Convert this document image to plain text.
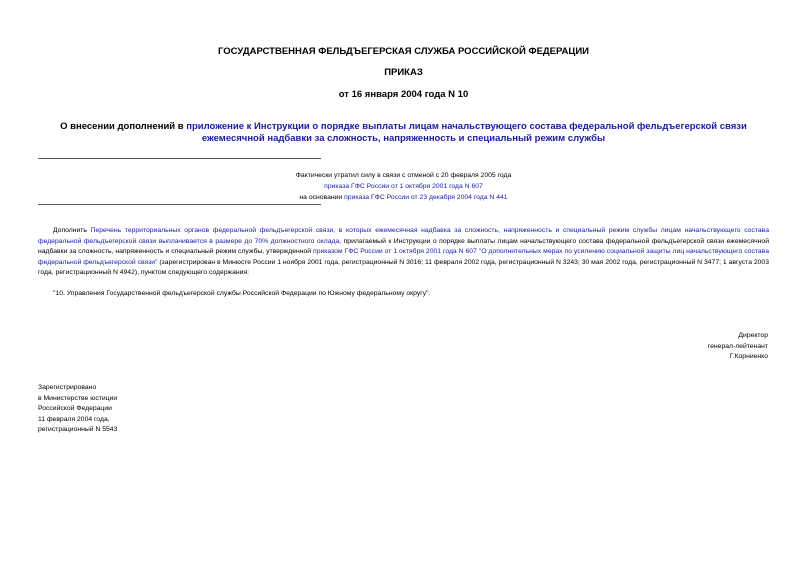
ГОСУДАРСТВЕННАЯ ФЕЛЬДЪЕГЕРСКАЯ СЛУЖБА РОССИЙСКОЙ ФЕДЕРАЦИИ
ПРИКАЗ
от 16 января 2004 года N 10
О внесении дополнений в приложение к Инструкции о порядке выплаты лицам начальствующего состава федеральной фельдъегерской связи ежемесячной надбавки за сложность, напряженность и специальный режим службы
Фактически утратил силу в связи с отменой с 20 февраля 2005 года
приказа ГФС России от 1 октября 2001 года N 607
на основании приказа ГФС России от 23 декабря 2004 года N 441

Дополнить Перечень территориальных органов федеральной фельдъегерской связи, в которых ежемесячная надбавка за сложность, напряженность и специальный режим службы лицам начальствующего состава федеральной фельдъегерской связи выплачивается в размере до 70% должностного оклада, прилагаемый к Инструкции о порядке выплаты лицам начальствующего состава федеральной фельдъегерской связи ежемесячной надбавки за сложность, напряженность и специальный режим службы, утвержденной приказом ГФС России от 1 октября 2001 года N 607 "О дополнительных мерах по усилению социальной защиты лиц начальствующего состава федеральной фельдъегерской связи" (зарегистрирован в Минюсте России 1 ноября 2001 года, регистрационный N 3016; 11 февраля 2002 года, регистрационный N 3243; 30 мая 2002 года, регистрационный N 3477; 1 августа 2003 года, регистрационный N 4942), пунктом следующего содержания:

"10. Управления Государственной фельдъегерской службы Российской Федерации по Южному федеральному округу".

Директор
генерал-лейтенант
Г.Корниенко
Зарегистрировано
в Министерстве юстиции
Российской Федерации
11 февраля 2004 года,
регистрационный N 5543
